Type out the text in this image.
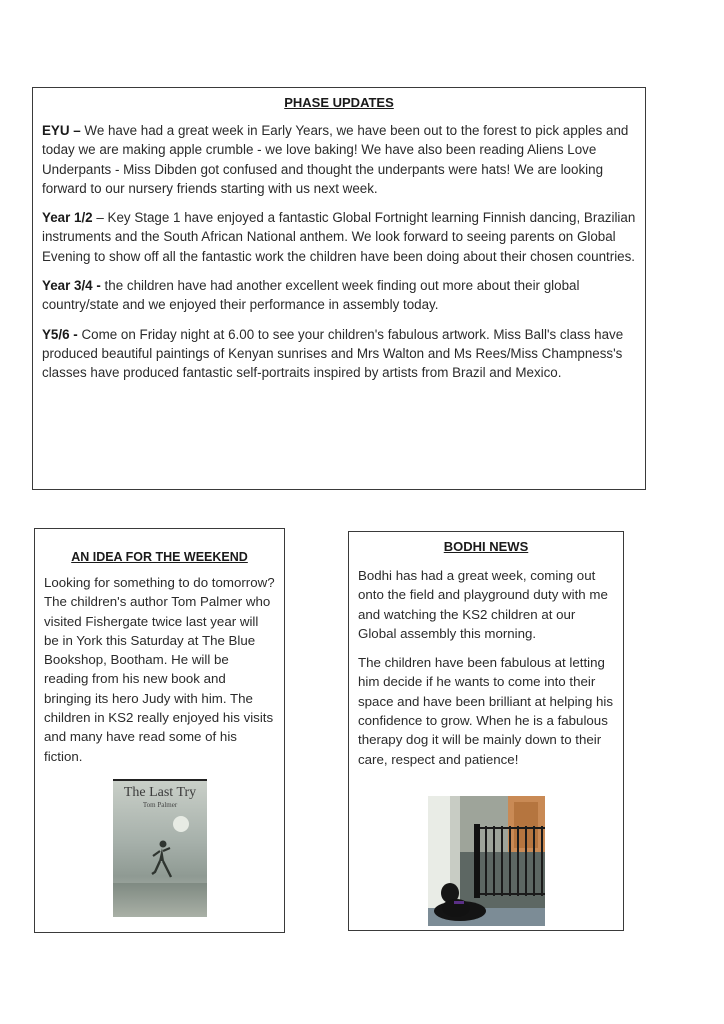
PHASE UPDATES

EYU – We have had a great week in Early Years, we have been out to the forest to pick apples and today we are making apple crumble - we love baking! We have also been reading Aliens Love Underpants - Miss Dibden got confused and thought the underpants were hats! We are looking forward to our nursery friends starting with us next week.

Year 1/2 – Key Stage 1 have enjoyed a fantastic Global Fortnight learning Finnish dancing, Brazilian instruments and the South African National anthem. We look forward to seeing parents on Global Evening to show off all the fantastic work the children have been doing about their chosen countries.

Year 3/4 - the children have had another excellent week finding out more about their global country/state and we enjoyed their performance in assembly today.

Y5/6 - Come on Friday night at 6.00 to see your children's fabulous artwork. Miss Ball's class have produced beautiful paintings of Kenyan sunrises and Mrs Walton and Ms Rees/Miss Champness's classes have produced fantastic self-portraits inspired by artists from Brazil and Mexico.

AN IDEA FOR THE WEEKEND

Looking for something to do tomorrow? The children's author Tom Palmer who visited Fishergate twice last year will be in York this Saturday at The Blue Bookshop, Bootham. He will be reading from his new book and bringing its hero Judy with him. The children in KS2 really enjoyed his visits and many have read some of his fiction.

The Last Try
Tom Palmer
BODHI NEWS

Bodhi has had a great week, coming out onto the field and playground duty with me and watching the KS2 children at our Global assembly this morning.

The children have been fabulous at letting him decide if he wants to come into their space and have been brilliant at helping his confidence to grow. When he is a fabulous therapy dog it will be mainly down to their care, respect and patience!
